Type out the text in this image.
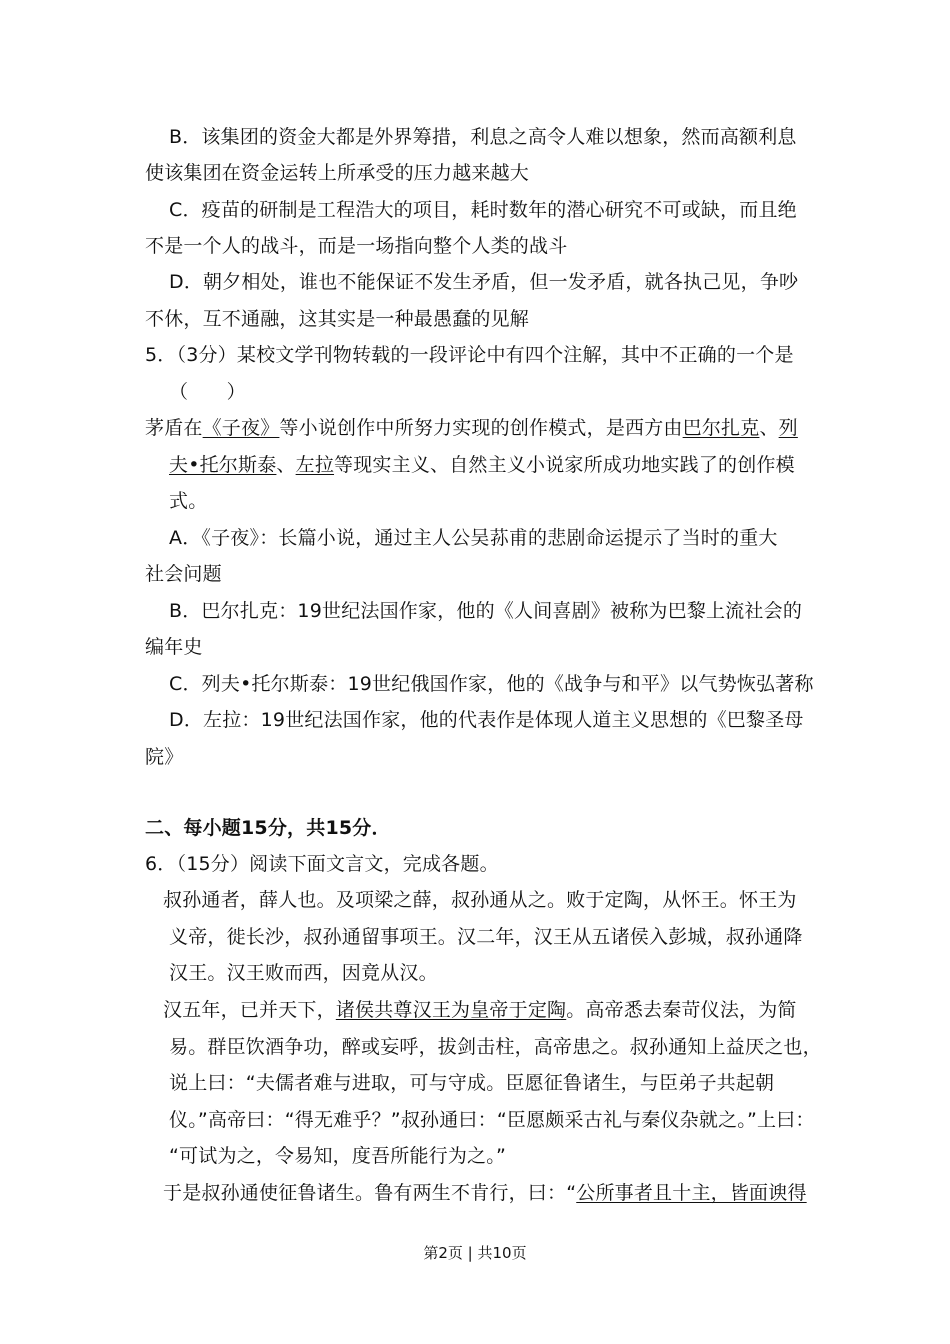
B．该集团的资金大都是外界筹措，利息之高令人难以想象，然而高额利息
使该集团在资金运转上所承受的压力越来越大
C．疫苗的研制是工程浩大的项目，耗时数年的潜心研究不可或缺，而且绝
不是一个人的战斗，而是一场指向整个人类的战斗
D．朝夕相处，谁也不能保证不发生矛盾，但一发矛盾，就各执己见，争吵
不休，互不通融，这其实是一种最愚蠢的见解
5．（3分）某校文学刊物转载的一段评论中有四个注解，其中不正确的一个是
（　　）
茅盾在《子夜》等小说创作中所努力实现的创作模式，是西方由巴尔扎克、列
夫•托尔斯泰、左拉等现实主义、自然主义小说家所成功地实践了的创作模
式。
A．《子夜》：长篇小说，通过主人公吴荪甫的悲剧命运提示了当时的重大
社会问题
B．巴尔扎克：19世纪法国作家，他的《人间喜剧》被称为巴黎上流社会的
编年史
C．列夫•托尔斯泰：19世纪俄国作家，他的《战争与和平》以气势恢弘著称
D．左拉：19世纪法国作家，他的代表作是体现人道主义思想的《巴黎圣母
院》
二、每小题15分，共15分．
6．（15分）阅读下面文言文，完成各题。
叔孙通者，薛人也。及项梁之薛，叔孙通从之。败于定陶，从怀王。怀王为
义帝，徙长沙，叔孙通留事项王。汉二年，汉王从五诸侯入彭城，叔孙通降
汉王。汉王败而西，因竟从汉。
汉五年，已并天下，诸侯共尊汉王为皇帝于定陶。高帝悉去秦苛仪法，为简
易。群臣饮酒争功，醉或妄呼，拔剑击柱，高帝患之。叔孙通知上益厌之也，
说上曰：“夫儒者难与进取，可与守成。臣愿征鲁诸生，与臣弟子共起朝
仪。”高帝曰：“得无难乎？”叔孙通曰：“臣愿颇采古礼与秦仪杂就之。”上曰：
“可试为之，令易知，度吾所能行为之。”
于是叔孙通使征鲁诸生。鲁有两生不肯行，曰：“公所事者且十主，皆面谀得
第2页 | 共10页
